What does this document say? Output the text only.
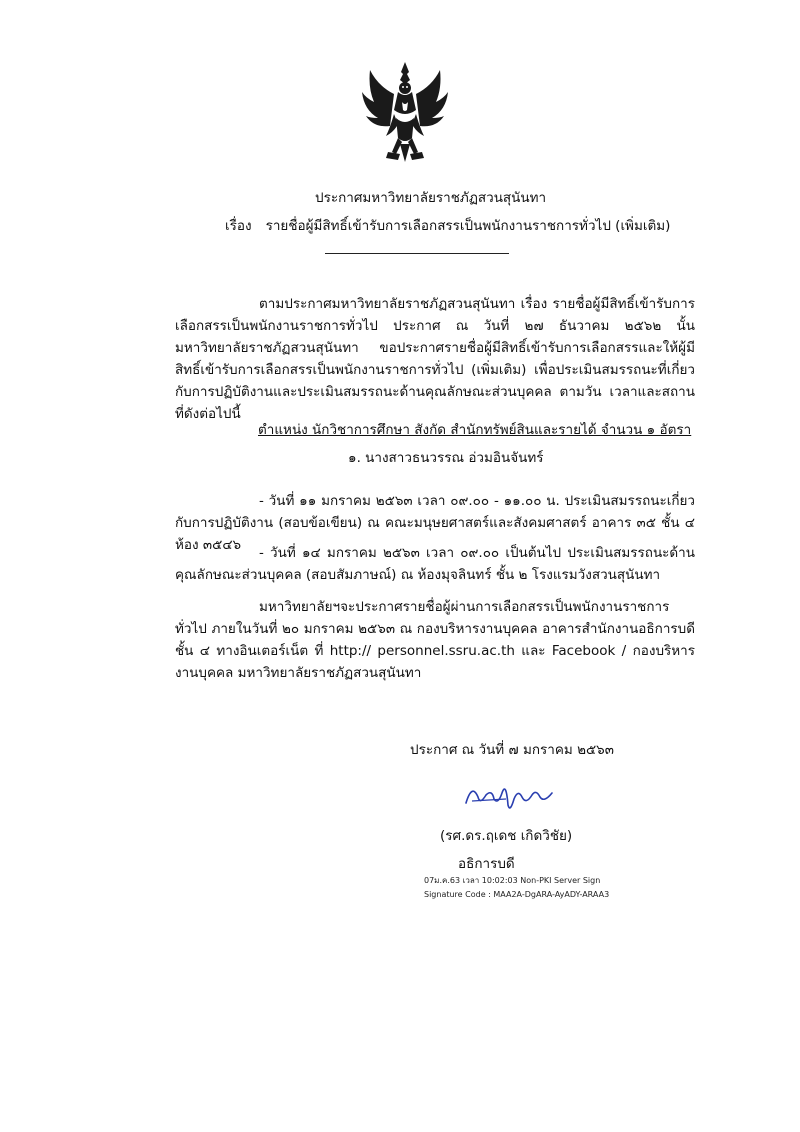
ประกาศมหาวิทยาลัยราชภัฏสวนสุนันทา
เรื่อง รายชื่อผู้มีสิทธิ์เข้ารับการเลือกสรรเป็นพนักงานราชการทั่วไป (เพิ่มเติม)
ตามประกาศมหาวิทยาลัยราชภัฏสวนสุนันทา เรื่อง รายชื่อผู้มีสิทธิ์เข้ารับการเลือกสรรเป็นพนักงานราชการทั่วไป ประกาศ ณ วันที่ ๒๗ ธันวาคม ๒๕๖๒ นั้น มหาวิทยาลัยราชภัฏสวนสุนันทา ขอประกาศรายชื่อผู้มีสิทธิ์เข้ารับการเลือกสรรและให้ผู้มีสิทธิ์เข้ารับการเลือกสรรเป็นพนักงานราชการทั่วไป (เพิ่มเติม) เพื่อประเมินสมรรถนะที่เกี่ยวกับการปฏิบัติงานและประเมินสมรรถนะด้านคุณลักษณะส่วนบุคคล ตามวัน เวลาและสถานที่ดังต่อไปนี้
ตำแหน่ง นักวิชาการศึกษา สังกัด สำนักทรัพย์สินและรายได้ จำนวน ๑ อัตรา
๑. นางสาวธนวรรณ อ่วมอินจันทร์
- วันที่ ๑๑ มกราคม ๒๕๖๓ เวลา ๐๙.๐๐ - ๑๑.๐๐ น. ประเมินสมรรถนะเกี่ยวกับการปฏิบัติงาน (สอบข้อเขียน) ณ คณะมนุษยศาสตร์และสังคมศาสตร์ อาคาร ๓๕ ชั้น ๔ ห้อง ๓๕๔๖	- วันที่ ๑๔ มกราคม ๒๕๖๓ เวลา ๐๙.๐๐ เป็นต้นไป ประเมินสมรรถนะด้านคุณลักษณะส่วนบุคคล (สอบสัมภาษณ์) ณ ห้องมุจลินทร์ ชั้น ๒ โรงแรมวังสวนสุนันทา
มหาวิทยาลัยฯจะประกาศรายชื่อผู้ผ่านการเลือกสรรเป็นพนักงานราชการทั่วไป ภายในวันที่ ๒๐ มกราคม ๒๕๖๓ ณ กองบริหารงานบุคคล อาคารสำนักงานอธิการบดี ชั้น ๔ ทางอินเตอร์เน็ต ที่ http:// personnel.ssru.ac.th และ Facebook / กองบริหารงานบุคคล มหาวิทยาลัยราชภัฏสวนสุนันทา
ประกาศ ณ วันที่ ๗ มกราคม ๒๕๖๓
(รศ.ดร.ฤเดช เกิดวิชัย)
อธิการบดี
07ม.ค.63 เวลา 10:02:03 Non-PKI Server Sign
Signature Code : MAA2A-DgARA-AyADY-ARAA3
